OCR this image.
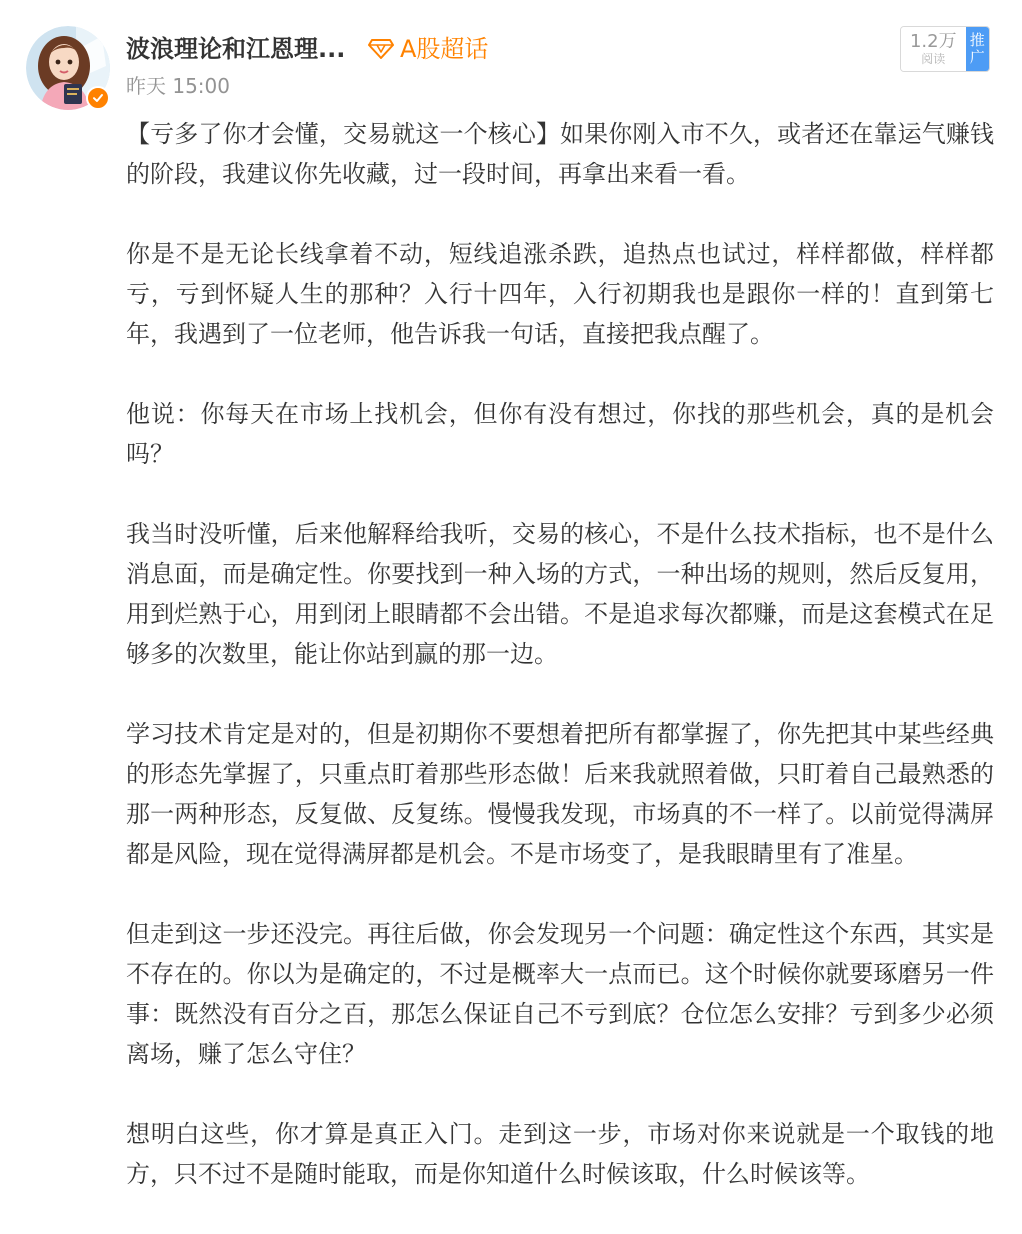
波浪理论和江恩理... A股超话
昨天 15:00
1.2万
阅读
推
广

【亏多了你才会懂，交易就这一个核心】如果你刚入市不久，或者还在靠运气赚钱的阶段，我建议你先收藏，过一段时间，再拿出来看一看。

你是不是无论长线拿着不动，短线追涨杀跌，追热点也试过，样样都做，样样都亏，亏到怀疑人生的那种？入行十四年，入行初期我也是跟你一样的！直到第七年，我遇到了一位老师，他告诉我一句话，直接把我点醒了。

他说：你每天在市场上找机会，但你有没有想过，你找的那些机会，真的是机会吗？

我当时没听懂，后来他解释给我听，交易的核心，不是什么技术指标，也不是什么消息面，而是确定性。你要找到一种入场的方式，一种出场的规则，然后反复用，用到烂熟于心，用到闭上眼睛都不会出错。不是追求每次都赚，而是这套模式在足够多的次数里，能让你站到赢的那一边。

学习技术肯定是对的，但是初期你不要想着把所有都掌握了，你先把其中某些经典的形态先掌握了，只重点盯着那些形态做！后来我就照着做，只盯着自己最熟悉的那一两种形态，反复做、反复练。慢慢我发现，市场真的不一样了。以前觉得满屏都是风险，现在觉得满屏都是机会。不是市场变了，是我眼睛里有了准星。

但走到这一步还没完。再往后做，你会发现另一个问题：确定性这个东西，其实是不存在的。你以为是确定的，不过是概率大一点而已。这个时候你就要琢磨另一件事：既然没有百分之百，那怎么保证自己不亏到底？仓位怎么安排？亏到多少必须离场，赚了怎么守住？

想明白这些，你才算是真正入门。走到这一步，市场对你来说就是一个取钱的地方，只不过不是随时能取，而是你知道什么时候该取，什么时候该等。
